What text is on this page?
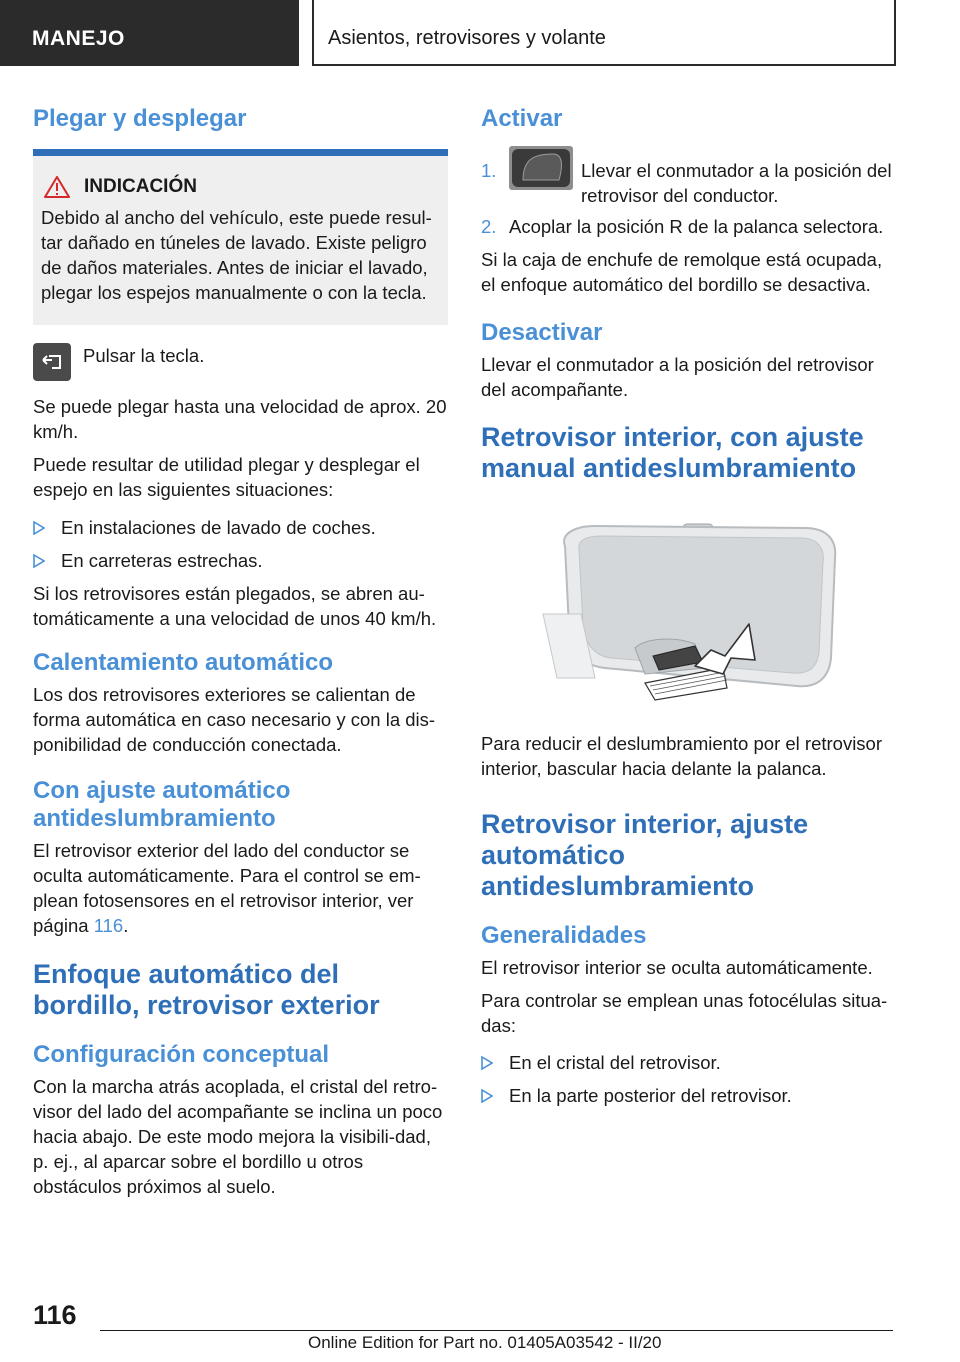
MANEJO	Asientos, retrovisores y volante
Plegar y desplegar
INDICACIÓN

Debido al ancho del vehículo, este puede resul‐tar dañado en túneles de lavado. Existe peligro de daños materiales. Antes de iniciar el lavado, plegar los espejos manualmente o con la tecla.

Pulsar la tecla.

Se puede plegar hasta una velocidad de aprox. 20 km/h.

Puede resultar de utilidad plegar y desplegar el espejo en las siguientes situaciones:

En instalaciones de lavado de coches.

En carreteras estrechas.

Si los retrovisores están plegados, se abren au‐tomáticamente a una velocidad de unos 40 km/h.

Calentamiento automático

Los dos retrovisores exteriores se calientan de forma automática en caso necesario y con la dis‐ponibilidad de conducción conectada.

Con ajuste automático antideslumbramiento

El retrovisor exterior del lado del conductor se oculta automáticamente. Para el control se em‐plean fotosensores en el retrovisor interior, ver página 116.

Enfoque automático del bordillo, retrovisor exterior
Configuración conceptual

Con la marcha atrás acoplada, el cristal del retro‐visor del lado del acompañante se inclina un poco hacia abajo. De este modo mejora la visibili‐dad, p. ej., al aparcar sobre el bordillo u otros obstáculos próximos al suelo.

Activar
1.	Llevar el conmutador a la posición del retrovisor del conductor.

2. Acoplar la posición R de la palanca selectora.

Si la caja de enchufe de remolque está ocupada, el enfoque automático del bordillo se desactiva.

Desactivar

Llevar el conmutador a la posición del retrovisor del acompañante.

Retrovisor interior, con ajuste manual antideslumbramiento

Para reducir el deslumbramiento por el retrovisor interior, bascular hacia delante la palanca.

Retrovisor interior, ajuste automático antideslumbramiento
Generalidades

El retrovisor interior se oculta automáticamente.

Para controlar se emplean unas fotocélulas situa‐das:

En el cristal del retrovisor.

En la parte posterior del retrovisor.

116
Online Edition for Part no. 01405A03542 - II/20
